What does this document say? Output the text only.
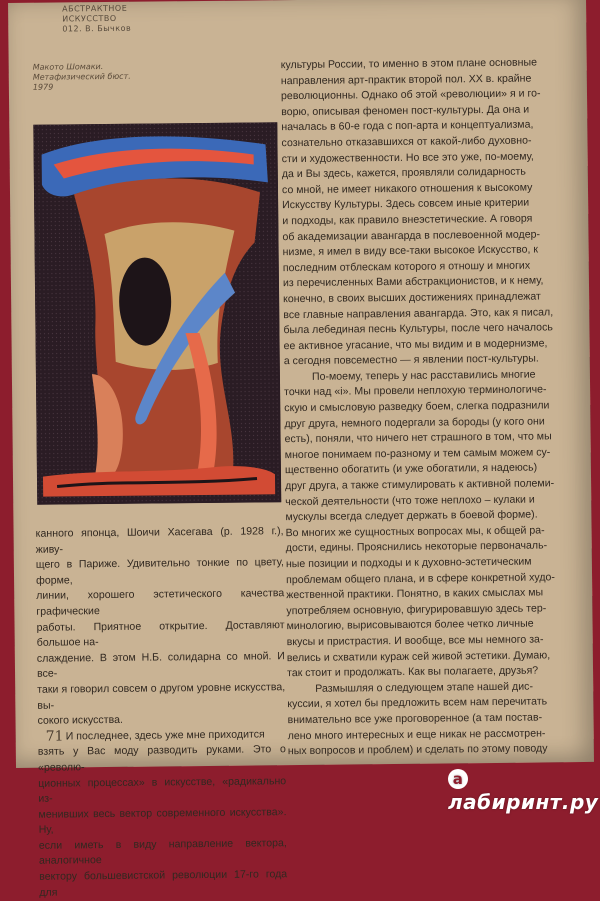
АБСТРАКТНОЕ
ИСКУССТВО
012. В. Бычков
Макото Шомаки.
Метафизический бюст.
1979

культуры России, то именно в этом плане основные
направления арт-практик второй пол. XX в. крайне
революционны. Однако об этой «революции» я и го-
ворю, описывая феномен пост-культуры. Да она и
началась в 60-е года с поп-арта и концептуализма,
сознательно отказавшихся от какой-либо духовно-
сти и художественности. Но все это уже, по-моему,
да и Вы здесь, кажется, проявляли солидарность
со мной, не имеет никакого отношения к высокому
Искусству Культуры. Здесь совсем иные критерии
и подходы, как правило внеэстетические. А говоря
об академизации авангарда в послевоенной модер-
низме, я имел в виду все-таки высокое Искусство, к
последним отблескам которого я отношу и многих
из перечисленных Вами абстракционистов, и к нему,
конечно, в своих высших достижениях принадлежат
все главные направления авангарда. Это, как я писал,
была лебединая песнь Культуры, после чего началось
ее активное угасание, что мы видим и в модернизме,
а сегодня повсеместно — я явлении пост-культуры.

По-моему, теперь у нас расставились многие
точки над «i». Мы провели неплохую терминологиче-
скую и смысловую разведку боем, слегка подразнили
друг друга, немного подергали за бороды (у кого они
есть), поняли, что ничего нет страшного в том, что мы
многое понимаем по-разному и тем самым можем су-
щественно обогатить (и уже обогатили, я надеюсь)
друг друга, а также стимулировать к активной полеми-
ческой деятельности (что тоже неплохо – кулаки и
мускулы всегда следует держать в боевой форме).
Во многих же сущностных вопросах мы, к общей ра-
дости, едины. Прояснились некоторые первоначаль-
ные позиции и подходы и к духовно-эстетическим
проблемам общего плана, и в сфере конкретной худо-
жественной практики. Понятно, в каких смыслах мы
употребляем основную, фигурировавшую здесь тер-
минологию, вырисовываются более четко личные
вкусы и пристрастия. И вообще, все мы немного за-
велись и схватили кураж сей живой эстетики. Думаю,
так стоит и продолжать. Как вы полагаете, друзья?

Размышляя о следующем этапе нашей дис-

куссии, я хотел бы предложить всем нам перечитать
внимательно все уже проговоренное (а там постав-
лено много интересных и еще никак не рассмотрен-
ных вопросов и проблем) и сделать по этому поводу

канного японца, Шоичи Хасегава (р. 1928 г.), живу-
щего в Париже. Удивительно тонкие по цвету, форме,
линии, хорошего эстетического качества графические
работы. Приятное открытие. Доставляют большое на-
слаждение. В этом Н.Б. солидарна со мной. И все-
таки я говорил совсем о другом уровне искусства, вы-
сокого искусства.

И последнее, здесь уже мне приходится
взять у Вас моду разводить руками. Это о «револю-
ционных процессах» в искусстве, «радикально из-
менивших весь вектор современного искусства». Ну,
если иметь в виду направление вектора, аналогичное
вектору большевистской революции 17-го года для

71
алабиринт.ру
